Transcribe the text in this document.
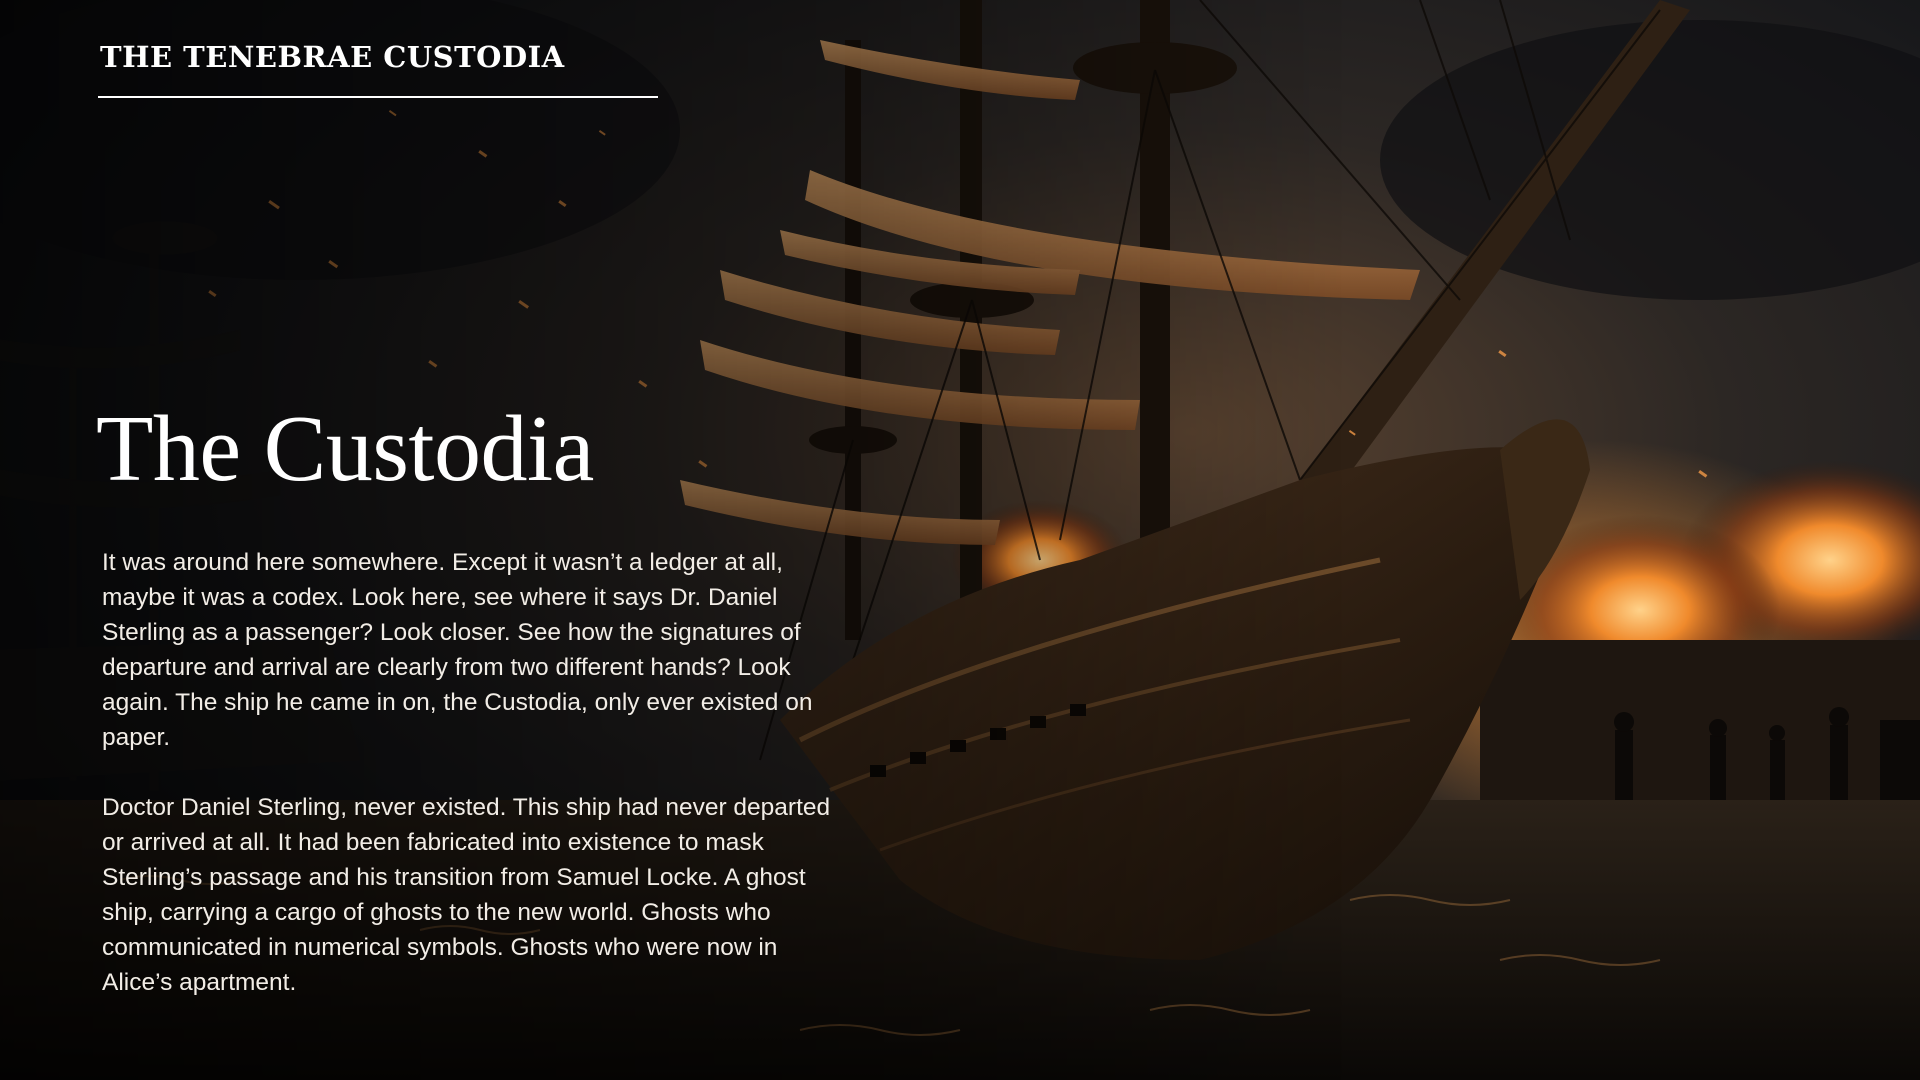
THE TENEBRAE CUSTODIA
The Custodia

It was around here somewhere. Except it wasn’t a ledger at all, maybe it was a codex. Look here, see where it says Dr. Daniel Sterling as a passenger? Look closer. See how the signatures of departure and arrival are clearly from two different hands? Look again. The ship he came in on, the Custodia, only ever existed on paper.

Doctor Daniel Sterling, never existed. This ship had never departed or arrived at all. It had been fabricated into existence to mask Sterling’s passage and his transition from Samuel Locke. A ghost ship, carrying a cargo of ghosts to the new world. Ghosts who communicated in numerical symbols. Ghosts who were now in Alice’s apartment.
